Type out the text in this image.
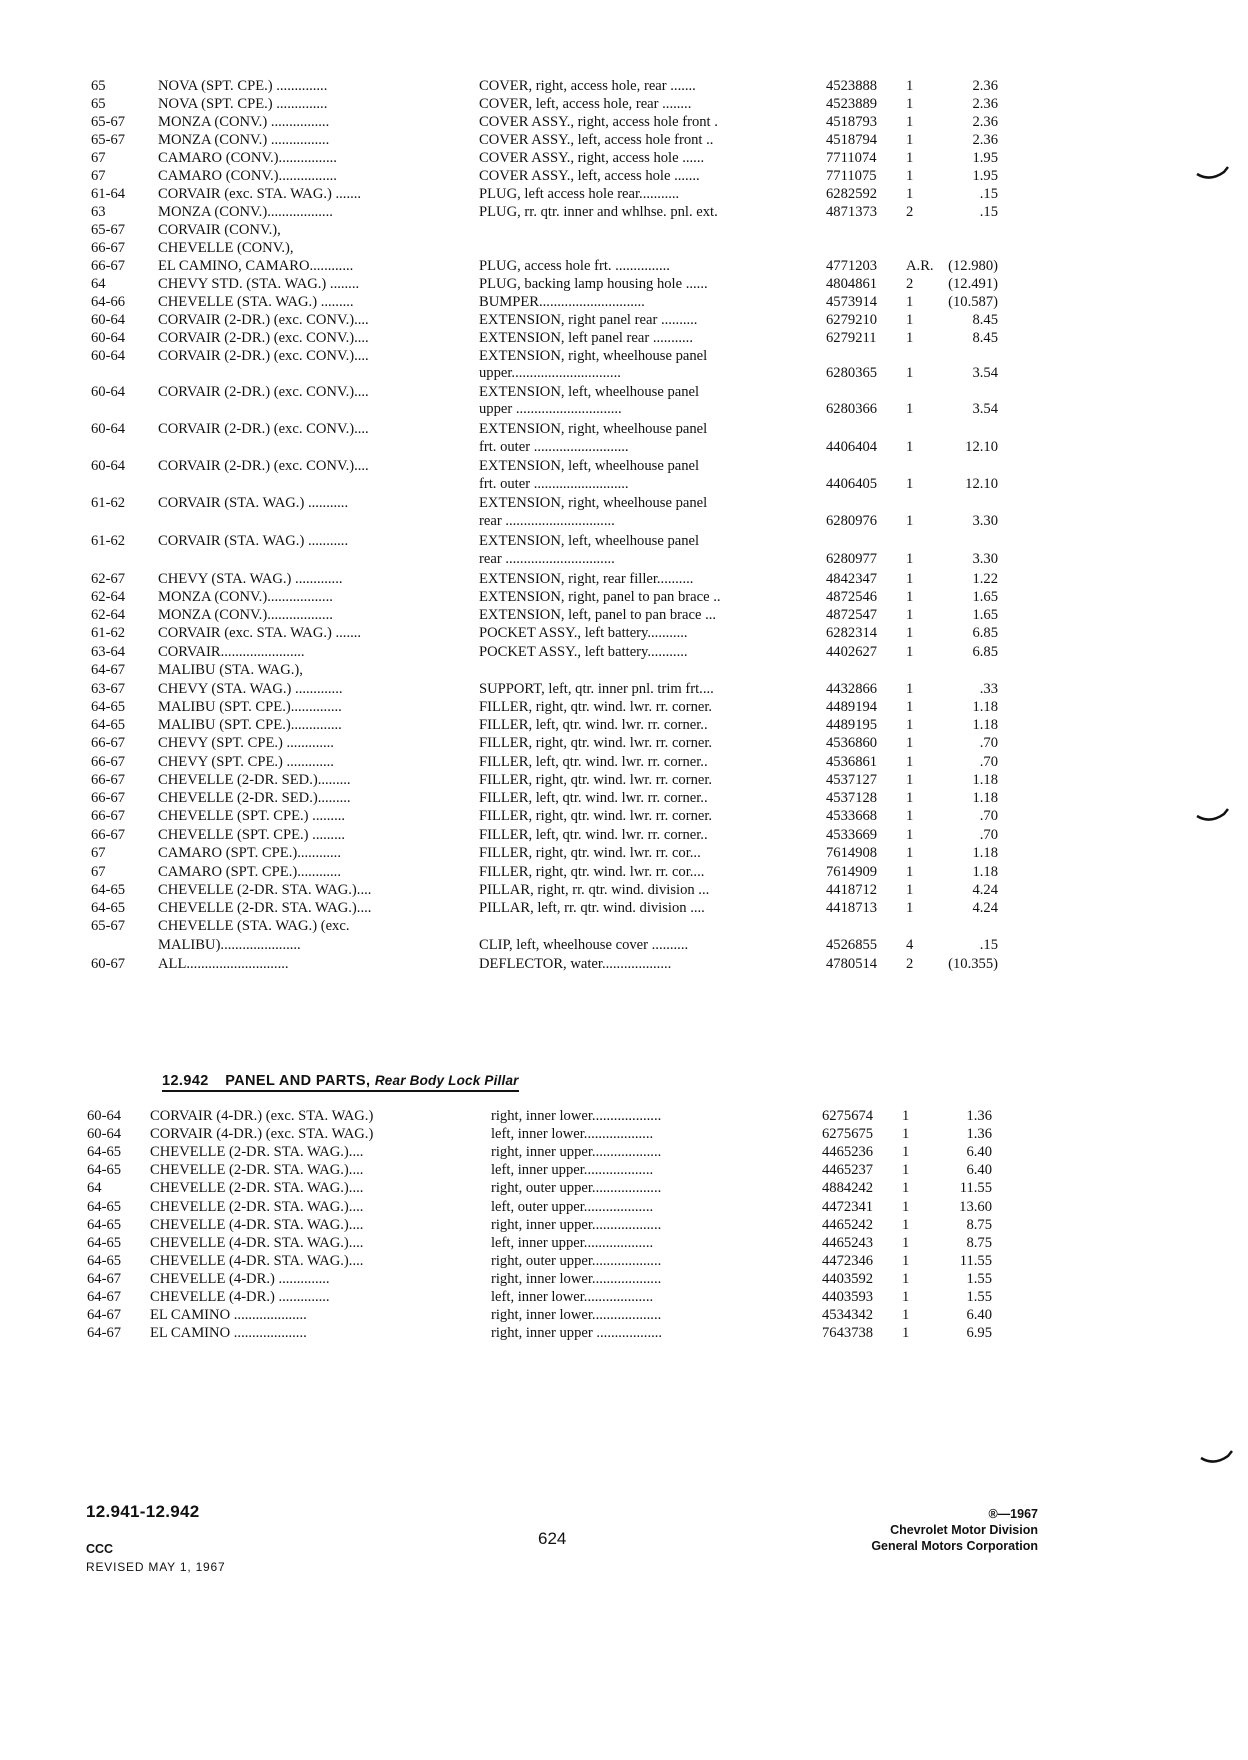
65	NOVA (SPT. CPE.) ..............	COVER, right, access hole, rear .......	4523888	1	2.36
65	NOVA (SPT. CPE.) ..............	COVER, left, access hole, rear ........	4523889	1	2.36
65-67	MONZA (CONV.) ................	COVER ASSY., right, access hole front .	4518793	1	2.36
65-67	MONZA (CONV.) ................	COVER ASSY., left, access hole front ..	4518794	1	2.36
67	CAMARO (CONV.)................	COVER ASSY., right, access hole ......	7711074	1	1.95
67	CAMARO (CONV.)................	COVER ASSY., left, access hole .......	7711075	1	1.95
61-64	CORVAIR (exc. STA. WAG.) .......	PLUG, left access hole rear...........	6282592	1	.15
63	MONZA (CONV.)..................	PLUG, rr. qtr. inner and whlhse. pnl. ext.	4871373	2	.15
65-67	CORVAIR (CONV.),
66-67	CHEVELLE (CONV.),
66-67	EL CAMINO, CAMARO............	PLUG, access hole frt. ...............	4771203	A.R. (12.980)
64	CHEVY STD. (STA. WAG.) ........	PLUG, backing lamp housing hole ......	4804861	2	(12.491)
64-66	CHEVELLE (STA. WAG.) .........	BUMPER.............................	4573914	1	(10.587)
60-64	CORVAIR (2-DR.) (exc. CONV.)....	EXTENSION, right panel rear ..........	6279210	1	8.45
60-64	CORVAIR (2-DR.) (exc. CONV.)....	EXTENSION, left panel rear ...........	6279211	1	8.45
60-64	CORVAIR (2-DR.) (exc. CONV.)....	EXTENSION, right, wheelhouse panel
upper..............................	6280365	1	3.54
60-64	CORVAIR (2-DR.) (exc. CONV.)....	EXTENSION, left, wheelhouse panel
upper .............................	6280366	1	3.54
60-64	CORVAIR (2-DR.) (exc. CONV.)....	EXTENSION, right, wheelhouse panel
frt. outer ..........................	4406404	1	12.10
60-64	CORVAIR (2-DR.) (exc. CONV.)....	EXTENSION, left, wheelhouse panel
frt. outer ..........................	4406405	1	12.10
61-62	CORVAIR (STA. WAG.) ...........	EXTENSION, right, wheelhouse panel
rear ..............................	6280976	1	3.30
61-62	CORVAIR (STA. WAG.) ...........	EXTENSION, left, wheelhouse panel
rear ..............................	6280977	1	3.30
62-67	CHEVY (STA. WAG.) .............	EXTENSION, right, rear filler..........	4842347	1	1.22
62-64	MONZA (CONV.)..................	EXTENSION, right, panel to pan brace ..	4872546	1	1.65
62-64	MONZA (CONV.)..................	EXTENSION, left, panel to pan brace ...	4872547	1	1.65
61-62	CORVAIR (exc. STA. WAG.) .......	POCKET ASSY., left battery...........	6282314	1	6.85
63-64	CORVAIR.......................	POCKET ASSY., left battery...........	4402627	1	6.85
64-67	MALIBU (STA. WAG.),
63-67	CHEVY (STA. WAG.) .............	SUPPORT, left, qtr. inner pnl. trim frt....	4432866	1	.33
64-65	MALIBU (SPT. CPE.)..............	FILLER, right, qtr. wind. lwr. rr. corner.	4489194	1	1.18
64-65	MALIBU (SPT. CPE.)..............	FILLER, left, qtr. wind. lwr. rr. corner..	4489195	1	1.18
66-67	CHEVY (SPT. CPE.) .............	FILLER, right, qtr. wind. lwr. rr. corner.	4536860	1	.70
66-67	CHEVY (SPT. CPE.) .............	FILLER, left, qtr. wind. lwr. rr. corner..	4536861	1	.70
66-67	CHEVELLE (2-DR. SED.).........	FILLER, right, qtr. wind. lwr. rr. corner.	4537127	1	1.18
66-67	CHEVELLE (2-DR. SED.).........	FILLER, left, qtr. wind. lwr. rr. corner..	4537128	1	1.18
66-67	CHEVELLE (SPT. CPE.) .........	FILLER, right, qtr. wind. lwr. rr. corner.	4533668	1	.70
66-67	CHEVELLE (SPT. CPE.) .........	FILLER, left, qtr. wind. lwr. rr. corner..	4533669	1	.70
67	CAMARO (SPT. CPE.)............	FILLER, right, qtr. wind. lwr. rr. cor...	7614908	1	1.18
67	CAMARO (SPT. CPE.)............	FILLER, right, qtr. wind. lwr. rr. cor....	7614909	1	1.18
64-65	CHEVELLE (2-DR. STA. WAG.)....	PILLAR, right, rr. qtr. wind. division ...	4418712	1	4.24
64-65	CHEVELLE (2-DR. STA. WAG.)....	PILLAR, left, rr. qtr. wind. division ....	4418713	1	4.24
65-67	CHEVELLE (STA. WAG.) (exc.
MALIBU)......................	CLIP, left, wheelhouse cover ..........	4526855	4	.15
60-67	ALL............................	DEFLECTOR, water...................	4780514	2	(10.355)
12.942 PANEL AND PARTS, Rear Body Lock Pillar
60-64	CORVAIR (4-DR.) (exc. STA. WAG.)	right, inner lower...................	6275674	1	1.36
60-64	CORVAIR (4-DR.) (exc. STA. WAG.)	left, inner lower...................	6275675	1	1.36
64-65	CHEVELLE (2-DR. STA. WAG.)....	right, inner upper...................	4465236	1	6.40
64-65	CHEVELLE (2-DR. STA. WAG.)....	left, inner upper...................	4465237	1	6.40
64	CHEVELLE (2-DR. STA. WAG.)....	right, outer upper...................	4884242	1	11.55
64-65	CHEVELLE (2-DR. STA. WAG.)....	left, outer upper...................	4472341	1	13.60
64-65	CHEVELLE (4-DR. STA. WAG.)....	right, inner upper...................	4465242	1	8.75
64-65	CHEVELLE (4-DR. STA. WAG.)....	left, inner upper...................	4465243	1	8.75
64-65	CHEVELLE (4-DR. STA. WAG.)....	right, outer upper...................	4472346	1	11.55
64-67	CHEVELLE (4-DR.) ..............	right, inner lower...................	4403592	1	1.55
64-67	CHEVELLE (4-DR.) ..............	left, inner lower...................	4403593	1	1.55
64-67	EL CAMINO ....................	right, inner lower...................	4534342	1	6.40
64-67	EL CAMINO ....................	right, inner upper ..................	7643738	1	6.95
12.941-12.942
CCC
REVISED MAY 1, 1967
624
®—1967
Chevrolet Motor Division
General Motors Corporation
